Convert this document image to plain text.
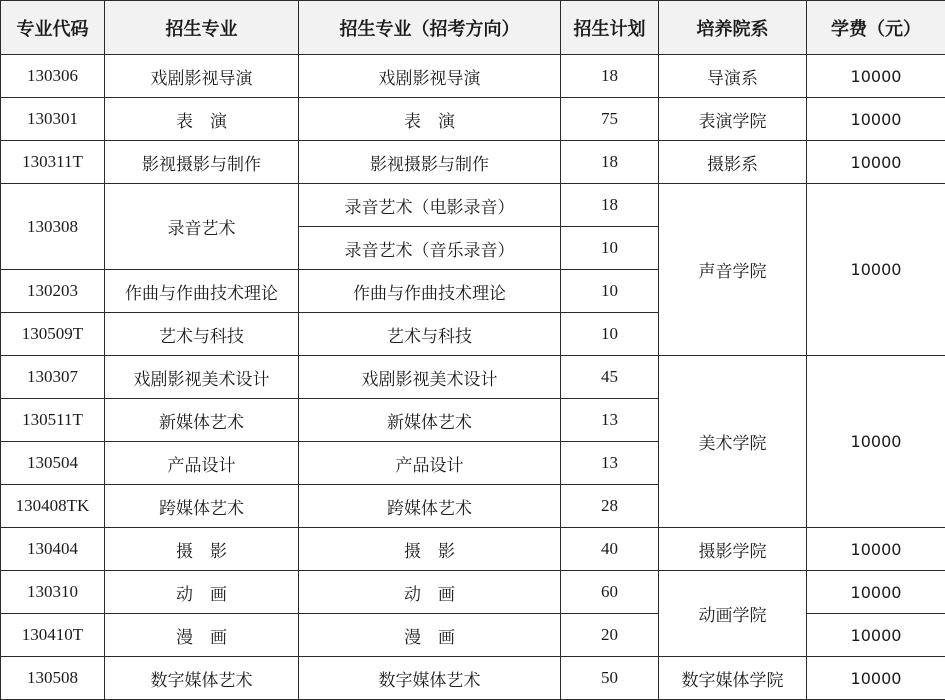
专业代码	招生专业	招生专业（招考方向）	招生计划	培养院系	学费（元）
130306	戏剧影视导演	戏剧影视导演	18	导演系	10000
130301	表　演	表　演	75	表演学院	10000
130311T	影视摄影与制作	影视摄影与制作	18	摄影系	10000
130308	录音艺术	录音艺术（电影录音）	18	声音学院	10000
		录音艺术（音乐录音）	10		
130203	作曲与作曲技术理论	作曲与作曲技术理论	10		
130509T	艺术与科技	艺术与科技	10		
130307	戏剧影视美术设计	戏剧影视美术设计	45	美术学院	10000
130511T	新媒体艺术	新媒体艺术	13		
130504	产品设计	产品设计	13		
130408TK	跨媒体艺术	跨媒体艺术	28		
130404	摄　影	摄　影	40	摄影学院	10000
130310	动　画	动　画	60	动画学院	10000
130410T	漫　画	漫　画	20		10000
130508	数字媒体艺术	数字媒体艺术	50	数字媒体学院	10000
